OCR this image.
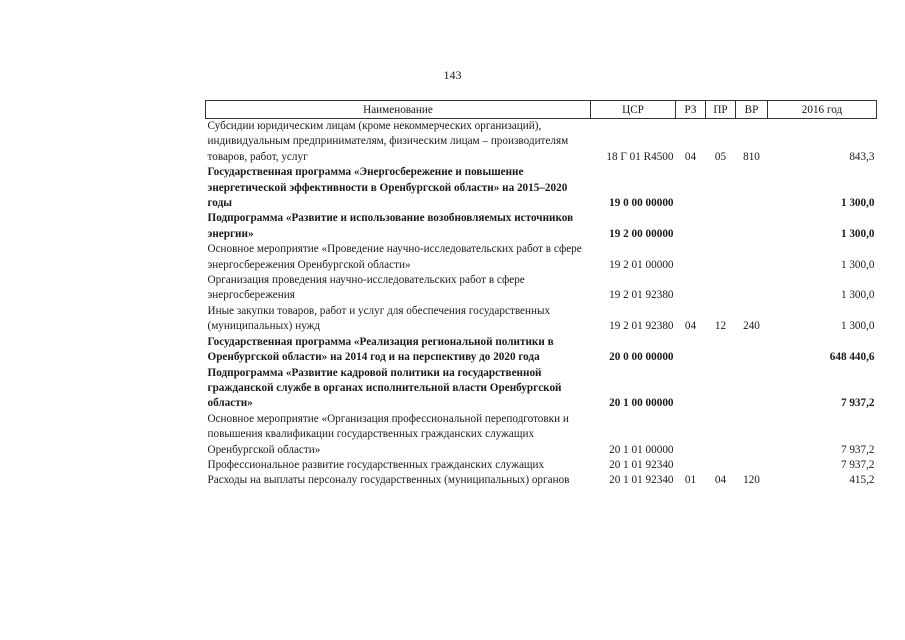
143
Наименование	ЦСР	РЗ	ПР	ВР	2016 год
Субсидии юридическим лицам (кроме некоммерческих организаций), индивидуальным предпринимателям, физическим лицам – производителям товаров, работ, услуг	18 Г 01 R4500	04	05	810	843,3
Государственная программа «Энергосбережение и повышение энергетической эффективности в Оренбургской области» на 2015–2020 годы	19 0 00 00000				1 300,0
Подпрограмма «Развитие и использование возобновляемых источников энергии»	19 2 00 00000				1 300,0
Основное мероприятие «Проведение научно-исследовательских работ в сфере энергосбережения Оренбургской области»	19 2 01 00000				1 300,0
Организация проведения научно-исследовательских работ в сфере энергосбережения	19 2 01 92380				1 300,0
Иные закупки товаров, работ и услуг для обеспечения государственных (муниципальных) нужд	19 2 01 92380	04	12	240	1 300,0
Государственная программа «Реализация региональной политики в Оренбургской области» на 2014 год и на перспективу до 2020 года	20 0 00 00000				648 440,6
Подпрограмма «Развитие кадровой политики на государственной гражданской службе в органах исполнительной власти Оренбургской области»	20 1 00 00000				7 937,2
Основное мероприятие «Организация профессиональной переподготовки и повышения квалификации государственных гражданских служащих Оренбургской области»	20 1 01 00000				7 937,2
Профессиональное развитие государственных гражданских служащих	20 1 01 92340				7 937,2
Расходы на выплаты персоналу государственных (муниципальных) органов	20 1 01 92340	01	04	120	415,2
